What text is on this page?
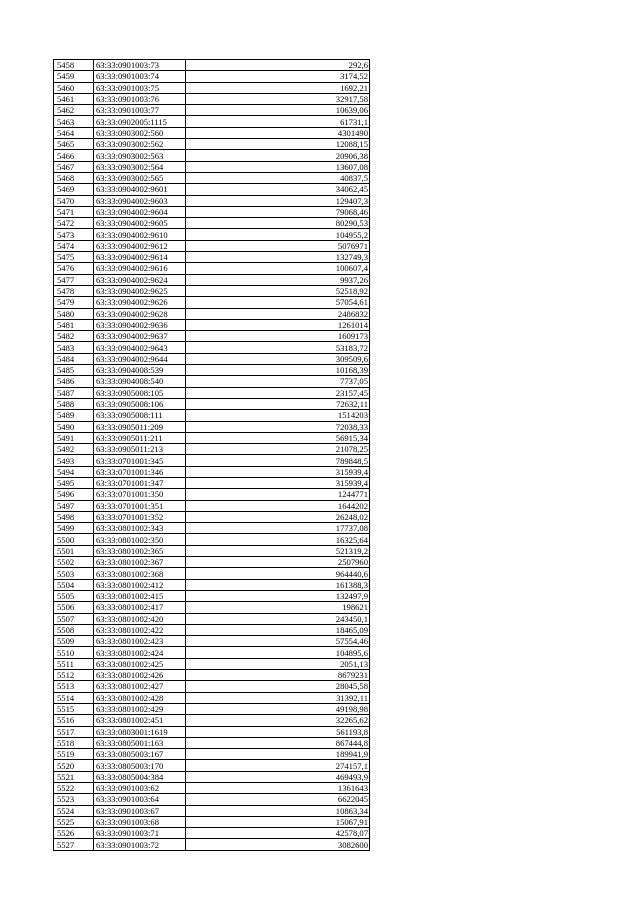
5458	63:33:0901003:73	292,6
5459	63:33:0901003:74	3174,52
5460	63:33:0901003:75	1692,21
5461	63:33:0901003:76	32917,58
5462	63:33:0901003:77	10639,06
5463	63:33:0902005:1115	61731,1
5464	63:33:0903002:560	4301490
5465	63:33:0903002:562	12088,15
5466	63:33:0903002:563	20906,38
5467	63:33:0903002:564	13607,08
5468	63:33:0903002:565	40837,5
5469	63:33:0904002:9601	34062,45
5470	63:33:0904002:9603	129407,3
5471	63:33:0904002:9604	79068,46
5472	63:33:0904002:9605	80290,53
5473	63:33:0904002:9610	104955,2
5474	63:33:0904002:9612	5076971
5475	63:33:0904002:9614	132749,3
5476	63:33:0904002:9616	100607,4
5477	63:33:0904002:9624	9937,26
5478	63:33:0904002:9625	52518,92
5479	63:33:0904002:9626	57054,61
5480	63:33:0904002:9628	2486832
5481	63:33:0904002:9636	1261014
5482	63:33:0904002:9637	1609173
5483	63:33:0904002:9643	53183,72
5484	63:33:0904002:9644	309509,6
5485	63:33:0904008:539	10168,39
5486	63:33:0904008:540	7737,05
5487	63:33:0905008:105	23157,45
5488	63:33:0905008:106	72632,11
5489	63:33:0905008:111	1514203
5490	63:33:0905011:209	72038,33
5491	63:33:0905011:211	56915,34
5492	63:33:0905011:213	21078,25
5493	63:33:0701001:345	789848,5
5494	63:33:0701001:346	315939,4
5495	63:33:0701001:347	315939,4
5496	63:33:0701001:350	1244771
5497	63:33:0701001:351	1644202
5498	63:33:0701001:352	26248,02
5499	63:33:0801002:343	17737,08
5500	63:33:0801002:350	16325,64
5501	63:33:0801002:365	521319,2
5502	63:33:0801002:367	2507960
5503	63:33:0801002:368	964440,6
5504	63:33:0801002:412	161388,3
5505	63:33:0801002:415	132497,9
5506	63:33:0801002:417	198621
5507	63:33:0801002:420	243450,1
5508	63:33:0801002:422	18465,09
5509	63:33:0801002:423	57554,46
5510	63:33:0801002:424	104895,6
5511	63:33:0801002:425	2051,13
5512	63:33:0801002:426	8679231
5513	63:33:0801002:427	28045,58
5514	63:33:0801002:428	31392,11
5515	63:33:0801002:429	49198,98
5516	63:33:0801002:451	32265,62
5517	63:33:0803001:1619	561193,8
5518	63:33:0805001:163	867444,8
5519	63:33:0805003:167	189941,9
5520	63:33:0805003:170	274157,1
5521	63:33:0805004:384	469493,9
5522	63:33:0901003:62	1361643
5523	63:33:0901003:64	6622045
5524	63:33:0901003:67	10863,34
5525	63:33:0901003:68	15067,91
5526	63:33:0901003:71	42578,07
5527	63:33:0901003:72	3082600
